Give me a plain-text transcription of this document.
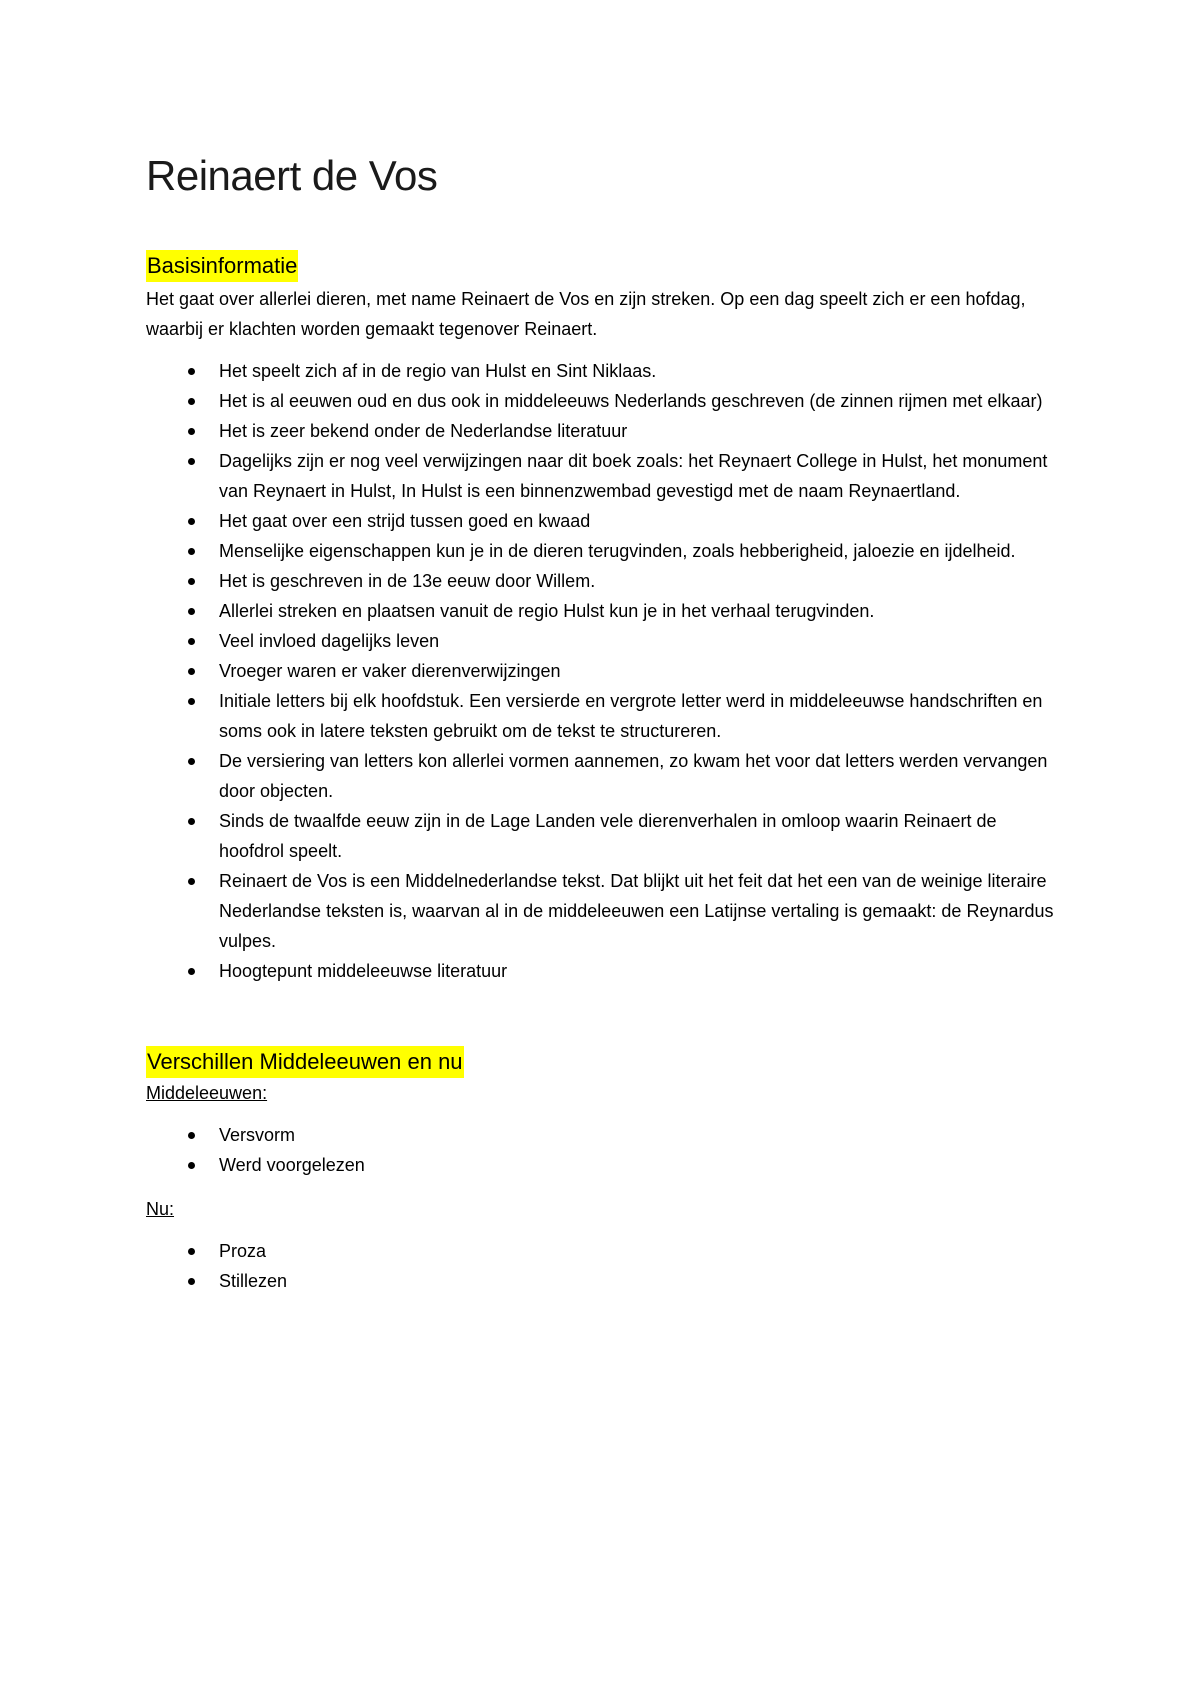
Reinaert de Vos
Basisinformatie

Het gaat over allerlei dieren, met name Reinaert de Vos en zijn streken. Op een dag speelt zich er een hofdag, waarbij er klachten worden gemaakt tegenover Reinaert.

Het speelt zich af in de regio van Hulst en Sint Niklaas.
Het is al eeuwen oud en dus ook in middeleeuws Nederlands geschreven (de zinnen rijmen met elkaar)
Het is zeer bekend onder de Nederlandse literatuur
Dagelijks zijn er nog veel verwijzingen naar dit boek zoals: het Reynaert College in Hulst, het monument van Reynaert in Hulst, In Hulst is een binnenzwembad gevestigd met de naam Reynaertland.
Het gaat over een strijd tussen goed en kwaad
Menselijke eigenschappen kun je in de dieren terugvinden, zoals hebberigheid, jaloezie en ijdelheid.
Het is geschreven in de 13e eeuw door Willem.
Allerlei streken en plaatsen vanuit de regio Hulst kun je in het verhaal terugvinden.
Veel invloed dagelijks leven
Vroeger waren er vaker dierenverwijzingen
Initiale letters bij elk hoofdstuk. Een versierde en vergrote letter werd in middeleeuwse handschriften en soms ook in latere teksten gebruikt om de tekst te structureren.
De versiering van letters kon allerlei vormen aannemen, zo kwam het voor dat letters werden vervangen door objecten.
Sinds de twaalfde eeuw zijn in de Lage Landen vele dierenverhalen in omloop waarin Reinaert de hoofdrol speelt.
Reinaert de Vos is een Middelnederlandse tekst. Dat blijkt uit het feit dat het een van de weinige literaire Nederlandse teksten is, waarvan al in de middeleeuwen een Latijnse vertaling is gemaakt: de Reynardus vulpes.
Hoogtepunt middeleeuwse literatuur
Verschillen Middeleeuwen en nu

Middeleeuwen:

Versvorm
Werd voorgelezen

Nu:

Proza
Stillezen
